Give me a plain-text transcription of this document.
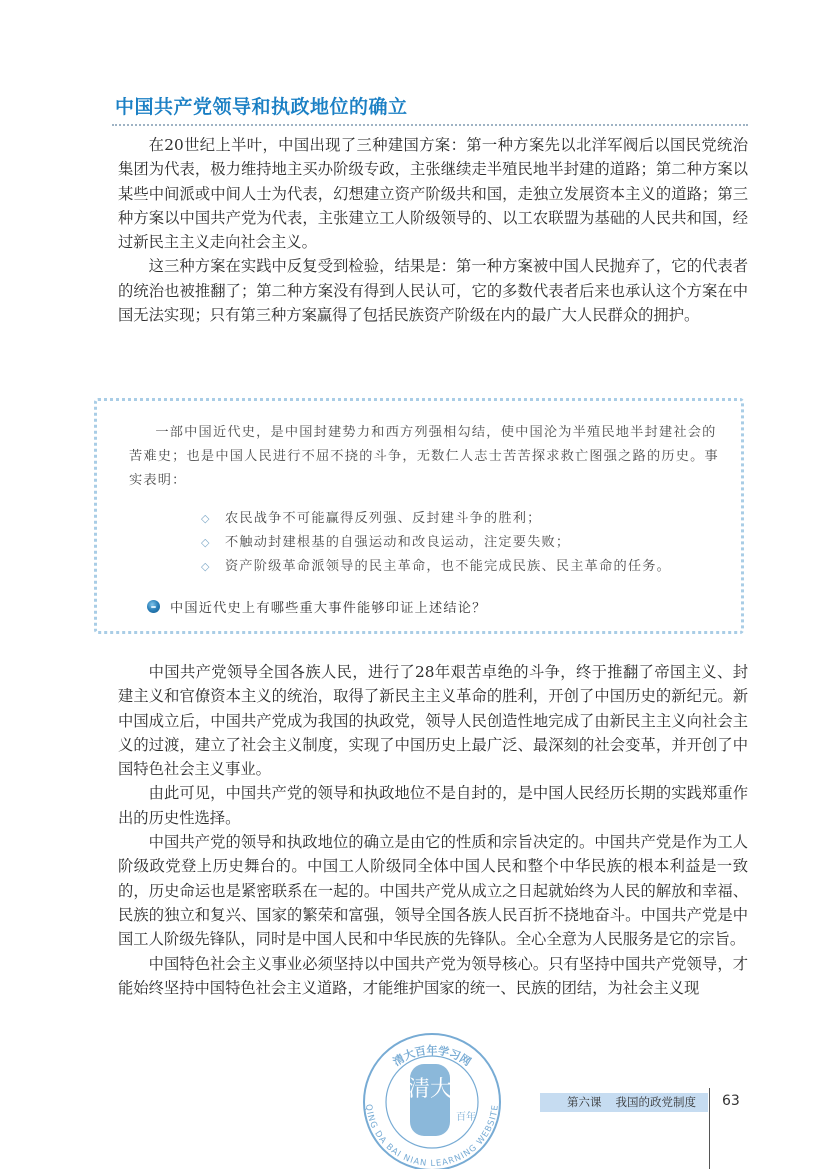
中国共产党领导和执政地位的确立

在20世纪上半叶，中国出现了三种建国方案：第一种方案先以北洋军阀后以国民党统治集团为代表，极力维持地主买办阶级专政，主张继续走半殖民地半封建的道路；第二种方案以某些中间派或中间人士为代表，幻想建立资产阶级共和国，走独立发展资本主义的道路；第三种方案以中国共产党为代表，主张建立工人阶级领导的、以工农联盟为基础的人民共和国，经过新民主主义走向社会主义。

这三种方案在实践中反复受到检验，结果是：第一种方案被中国人民抛弃了，它的代表者的统治也被推翻了；第二种方案没有得到人民认可，它的多数代表者后来也承认这个方案在中国无法实现；只有第三种方案赢得了包括民族资产阶级在内的最广大人民群众的拥护。

一部中国近代史，是中国封建势力和西方列强相勾结，使中国沦为半殖民地半封建社会的苦难史；也是中国人民进行不屈不挠的斗争，无数仁人志士苦苦探求救亡图强之路的历史。事实表明：

◇	农民战争不可能赢得反列强、反封建斗争的胜利；
◇	不触动封建根基的自强运动和改良运动，注定要失败；
◇	资产阶级革命派领导的民主革命，也不能完成民族、民主革命的任务。
中国近代史上有哪些重大事件能够印证上述结论？

中国共产党领导全国各族人民，进行了28年艰苦卓绝的斗争，终于推翻了帝国主义、封建主义和官僚资本主义的统治，取得了新民主主义革命的胜利，开创了中国历史的新纪元。新中国成立后，中国共产党成为我国的执政党，领导人民创造性地完成了由新民主主义向社会主义的过渡，建立了社会主义制度，实现了中国历史上最广泛、最深刻的社会变革，并开创了中国特色社会主义事业。

由此可见，中国共产党的领导和执政地位不是自封的，是中国人民经历长期的实践郑重作出的历史性选择。

中国共产党的领导和执政地位的确立是由它的性质和宗旨决定的。中国共产党是作为工人阶级政党登上历史舞台的。中国工人阶级同全体中国人民和整个中华民族的根本利益是一致的，历史命运也是紧密联系在一起的。中国共产党从成立之日起就始终为人民的解放和幸福、民族的独立和复兴、国家的繁荣和富强，领导全国各族人民百折不挠地奋斗。中国共产党是中国工人阶级先锋队，同时是中国人民和中华民族的先锋队。全心全意为人民服务是它的宗旨。

中国特色社会主义事业必须坚持以中国共产党为领导核心。只有坚持中国共产党领导，才能始终坚持中国特色社会主义道路，才能维护国家的统一、民族的团结，为社会主义现

清大
百年
清大百年学习网
QING DA BAI NIAN LEARNING WEBSITE	第六课 我国的政党制度 63
